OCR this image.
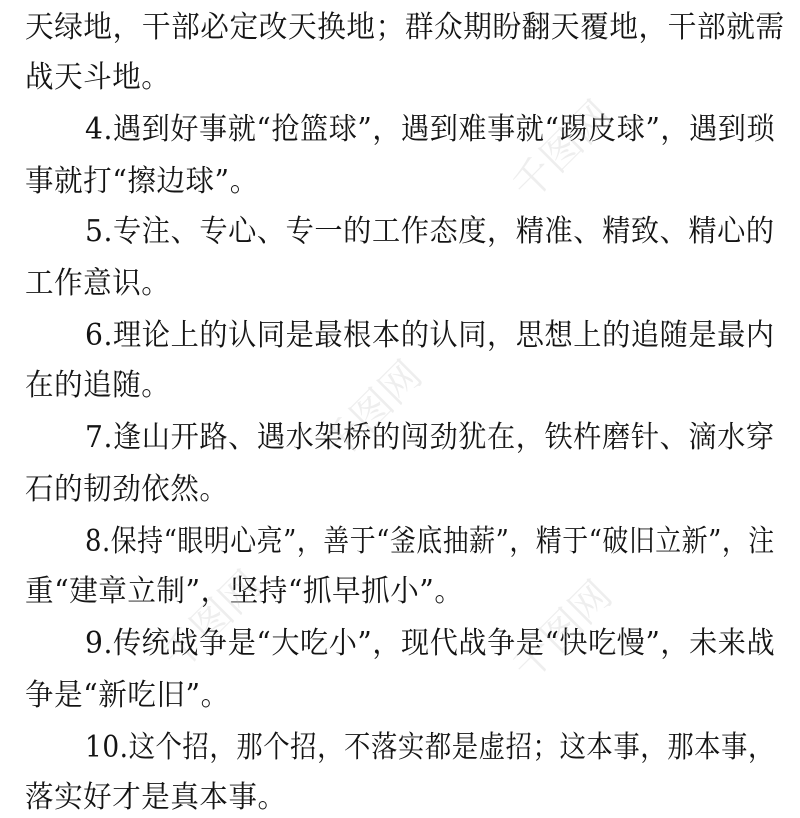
天绿地，干部必定改天换地；群众期盼翻天覆地，干部就需
战天斗地。
4.遇到好事就“抢篮球”，遇到难事就“踢皮球”，遇到琐
事就打“擦边球”。
5.专注、专心、专一的工作态度，精准、精致、精心的
工作意识。
6.理论上的认同是最根本的认同，思想上的追随是最内
在的追随。
7.逢山开路、遇水架桥的闯劲犹在，铁杵磨针、滴水穿
石的韧劲依然。
8.保持“眼明心亮”，善于“釜底抽薪”，精于“破旧立新”，注
重“建章立制”，坚持“抓早抓小”。
9.传统战争是“大吃小”，现代战争是“快吃慢”，未来战
争是“新吃旧”。
10.这个招，那个招，不落实都是虚招；这本事，那本事，
落实好才是真本事。
千图网
千图网
千图网
千图网
